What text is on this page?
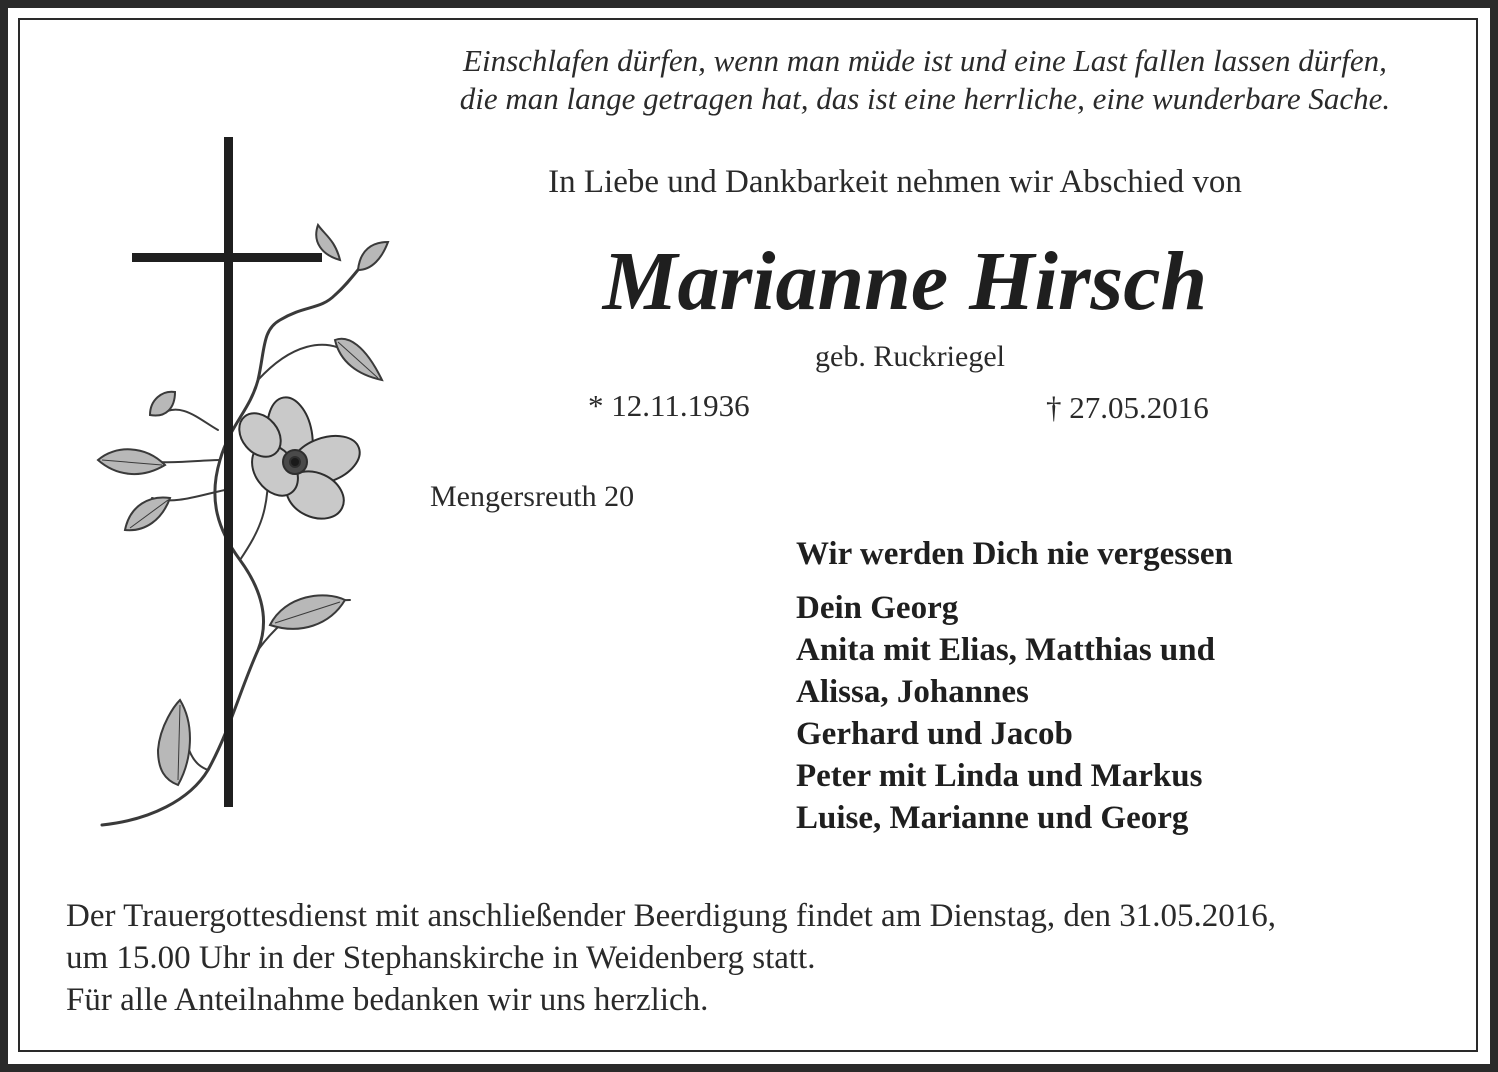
Einschlafen dürfen, wenn man müde ist und eine Last fallen lassen dürfen,
die man lange getragen hat, das ist eine herrliche, eine wunderbare Sache.
In Liebe und Dankbarkeit nehmen wir Abschied von
Marianne Hirsch
geb. Ruckriegel
* 12.11.1936	† 27.05.2016
Mengersreuth 20
Wir werden Dich nie vergessen
Dein Georg
Anita mit Elias, Matthias und
Alissa, Johannes
Gerhard und Jacob
Peter mit Linda und Markus
Luise, Marianne und Georg
Der Trauergottesdienst mit anschließender Beerdigung findet am Dienstag, den 31.05.2016,
um 15.00 Uhr in der Stephanskirche in Weidenberg statt.
Für alle Anteilnahme bedanken wir uns herzlich.
